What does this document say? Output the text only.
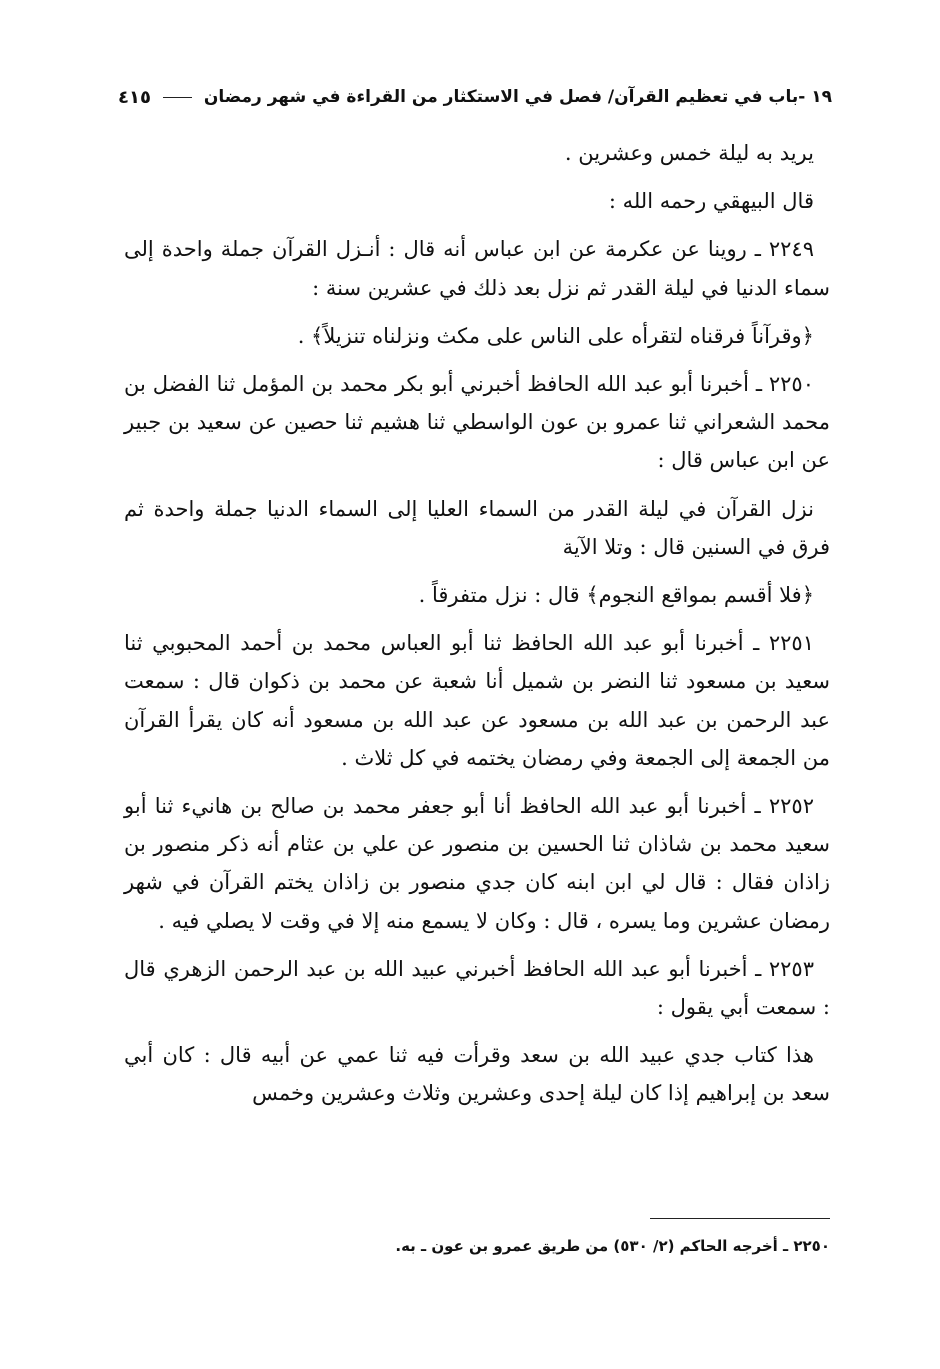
١٩ -باب في تعظيم القرآن/ فصل في الاستكثار من القراءة في شهر رمضان
٤١٥

يريد به ليلة خمس وعشرين .

قال البيهقي رحمه الله :

٢٢٤٩ ـ روينا عن عكرمة عن ابن عباس أنه قال : أنـزل القرآن جملة واحدة إلى سماء الدنيا في ليلة القدر ثم نزل بعد ذلك في عشرين سنة :

﴿وقرآناً فرقناه لتقرأه على الناس على مكث ونزلناه تنزيلاً﴾ .

٢٢٥٠ ـ أخبرنا أبو عبد الله الحافظ أخبرني أبو بكر محمد بن المؤمل ثنا الفضل بن محمد الشعراني ثنا عمرو بن عون الواسطي ثنا هشيم ثنا حصين عن سعيد بن جبير عن ابن عباس قال :

نزل القرآن في ليلة القدر من السماء العليا إلى السماء الدنيا جملة واحدة ثم فرق في السنين قال : وتلا الآية

﴿فلا أقسم بمواقع النجوم﴾ قال : نزل متفرقاً .

٢٢٥١ ـ أخبرنا أبو عبد الله الحافظ ثنا أبو العباس محمد بن أحمد المحبوبي ثنا سعيد بن مسعود ثنا النضر بن شميل أنا شعبة عن محمد بن ذكوان قال : سمعت عبد الرحمن بن عبد الله بن مسعود عن عبد الله بن مسعود أنه كان يقرأ القرآن من الجمعة إلى الجمعة وفي رمضان يختمه في كل ثلاث .

٢٢٥٢ ـ أخبرنا أبو عبد الله الحافظ أنا أبو جعفر محمد بن صالح بن هانيء ثنا أبو سعيد محمد بن شاذان ثنا الحسين بن منصور عن علي بن عثام أنه ذكر منصور بن زاذان فقال : قال لي ابن ابنه كان جدي منصور بن زاذان يختم القرآن في شهر رمضان عشرين وما يسره ، قال : وكان لا يسمع منه إلا في وقت لا يصلي فيه .

٢٢٥٣ ـ أخبرنا أبو عبد الله الحافظ أخبرني عبيد الله بن عبد الرحمن الزهري قال : سمعت أبي يقول :

هذا كتاب جدي عبيد الله بن سعد وقرأت فيه ثنا عمي عن أبيه قال : كان أبي سعد بن إبراهيم إذا كان ليلة إحدى وعشرين وثلاث وعشرين وخمس

٢٢٥٠ ـ أخرجه الحاكم (٢/ ٥٣٠) من طريق عمرو بن عون ـ به.
